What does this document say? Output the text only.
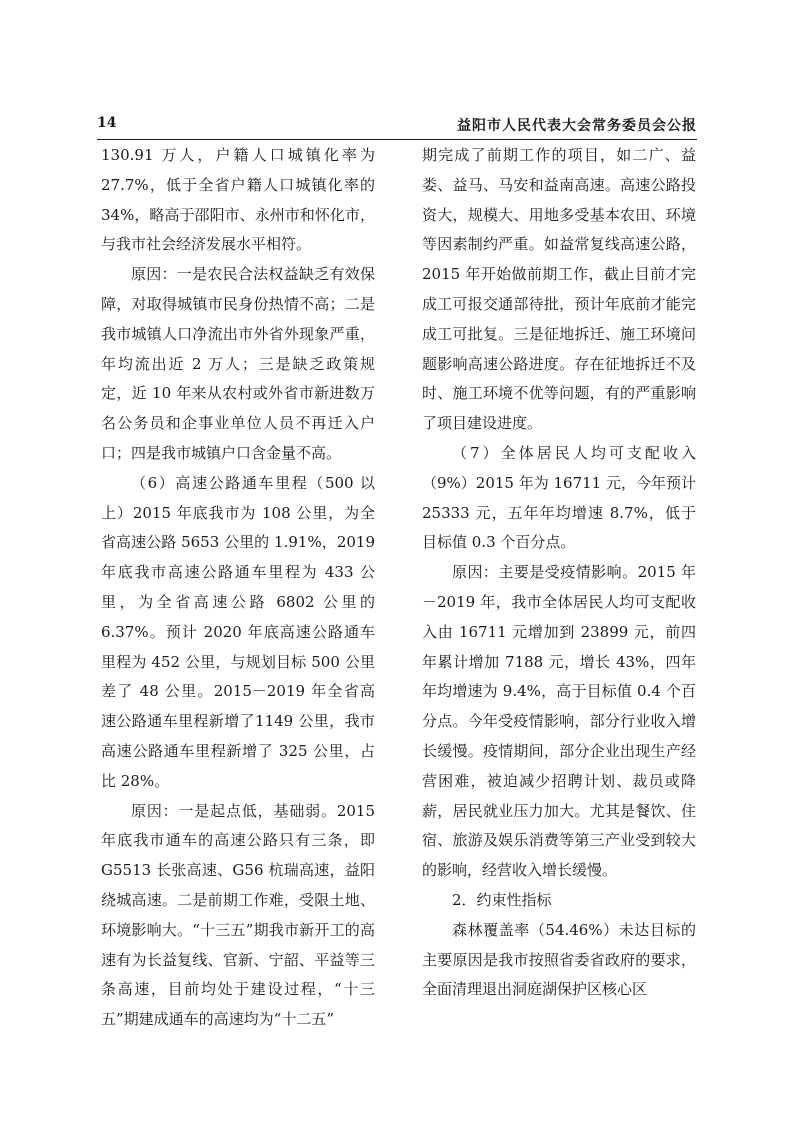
14	益阳市人民代表大会常务委员会公报

130.91 万人，户籍人口城镇化率为27.7%，低于全省户籍人口城镇化率的34%，略高于邵阳市、永州市和怀化市，与我市社会经济发展水平相符。

原因：一是农民合法权益缺乏有效保障，对取得城镇市民身份热情不高；二是我市城镇人口净流出市外省外现象严重，年均流出近 2 万人；三是缺乏政策规定，近 10 年来从农村或外省市新进数万名公务员和企事业单位人员不再迁入户口；四是我市城镇户口含金量不高。

（6）高速公路通车里程（500 以上）2015 年底我市为 108 公里，为全省高速公路 5653 公里的 1.91%，2019 年底我市高速公路通车里程为 433 公里，为全省高速公路 6802 公里的 6.37%。预计 2020 年底高速公路通车里程为 452 公里，与规划目标 500 公里差了 48 公里。2015－2019 年全省高速公路通车里程新增了1149 公里，我市高速公路通车里程新增了 325 公里，占比 28%。

原因：一是起点低，基础弱。2015 年底我市通车的高速公路只有三条，即G5513 长张高速、G56 杭瑞高速，益阳绕城高速。二是前期工作难，受限土地、环境影响大。“十三五”期我市新开工的高速有为长益复线、官新、宁韶、平益等三条高速，目前均处于建设过程，“十三五”期建成通车的高速均为“十二五”

期完成了前期工作的项目，如二广、益娄、益马、马安和益南高速。高速公路投资大，规模大、用地多受基本农田、环境等因素制约严重。如益常复线高速公路，2015 年开始做前期工作，截止目前才完成工可报交通部待批，预计年底前才能完成工可批复。三是征地拆迁、施工环境问题影响高速公路进度。存在征地拆迁不及时、施工环境不优等问题，有的严重影响了项目建设进度。

（7）全体居民人均可支配收入（9%）2015 年为 16711 元，今年预计 25333 元，五年年均增速 8.7%，低于目标值 0.3 个百分点。

原因：主要是受疫情影响。2015 年－2019 年，我市全体居民人均可支配收入由 16711 元增加到 23899 元，前四年累计增加 7188 元，增长 43%，四年年均增速为 9.4%，高于目标值 0.4 个百分点。今年受疫情影响，部分行业收入增长缓慢。疫情期间，部分企业出现生产经营困难，被迫减少招聘计划、裁员或降薪，居民就业压力加大。尤其是餐饮、住宿、旅游及娱乐消费等第三产业受到较大的影响，经营收入增长缓慢。

2．约束性指标

森林覆盖率（54.46%）未达目标的主要原因是我市按照省委省政府的要求，全面清理退出洞庭湖保护区核心区
